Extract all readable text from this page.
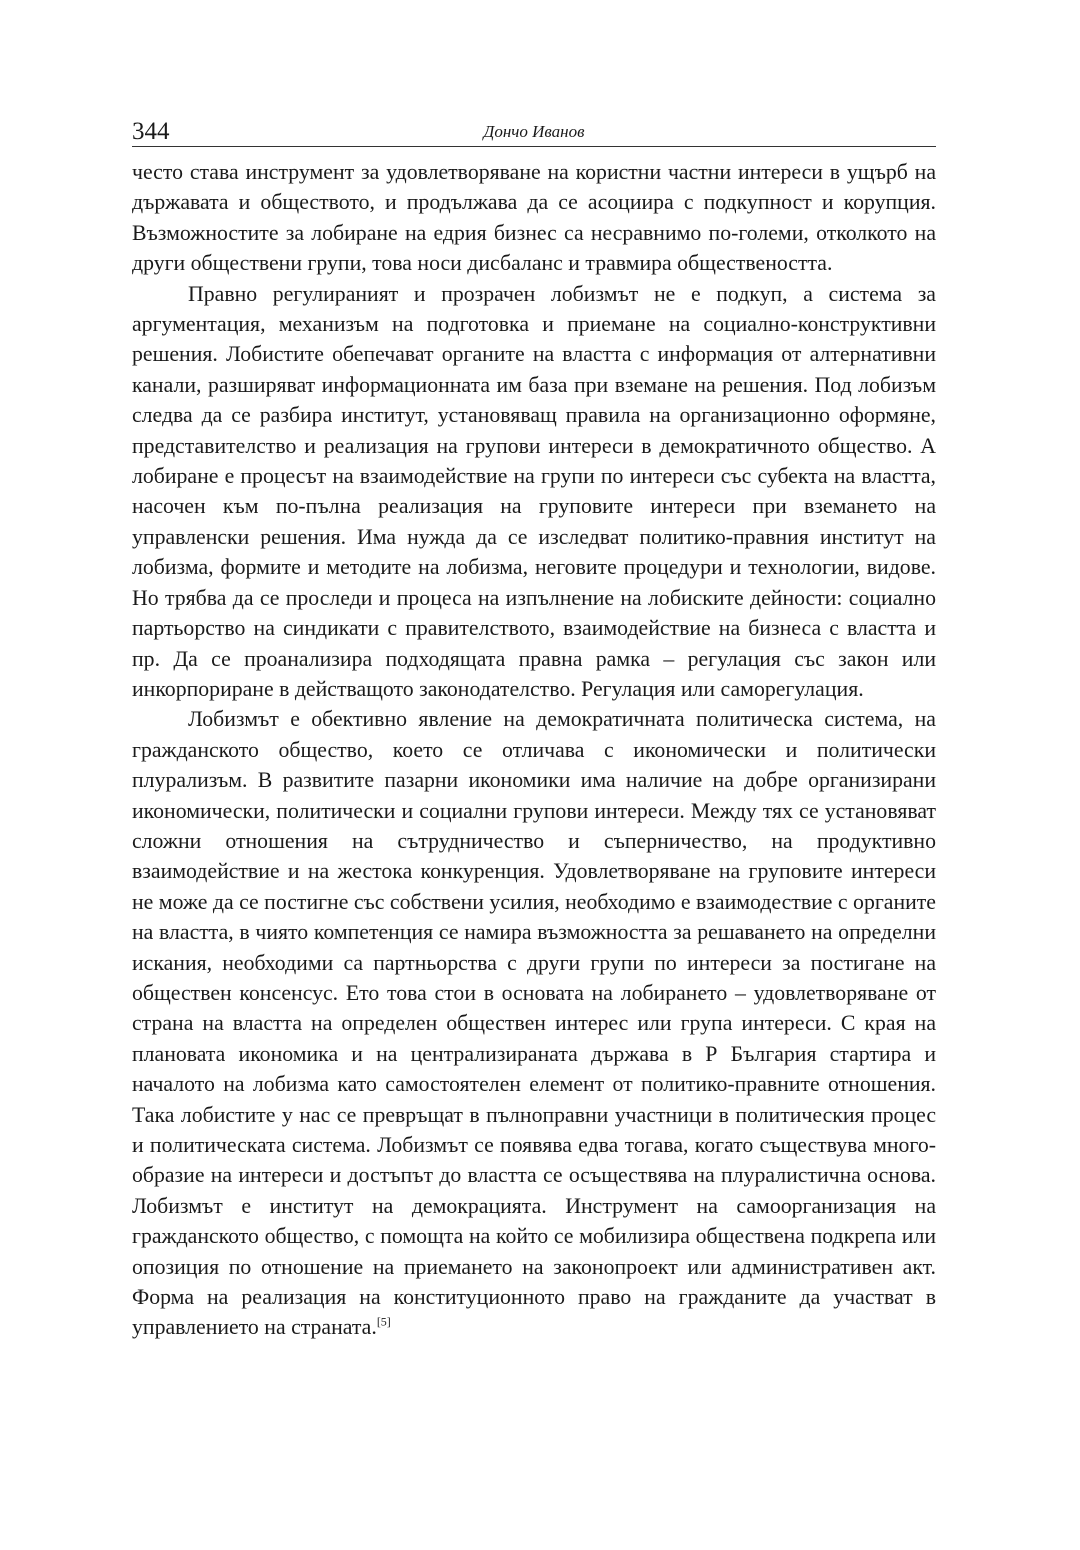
344	Дончо Иванов

често става инструмент за удовлетворяване на користни частни интереси в ущърб на държавата и обществото, и продължава да се асоциира с подкупност и корупция. Възможностите за лобиране на едрия бизнес са несравнимо по-големи, отколкото на други обществени групи, това носи дисбаланс и травмира обществеността.

Правно регулираният и прозрачен лобизмът не е подкуп, а система за аргументация, механизъм на подготовка и приемане на социално-конструктивни решения. Лобистите обепечават органите на властта с информация от алтернативни канали, разширяват информационната им база при вземане на решения. Под лобизъм следва да се разбира институт, установяващ правила на организационно оформяне, представителство и реализация на групови интереси в демократичното общество. А лобиране е процесът на взаимодействие на групи по интереси със субекта на властта, насочен към по-пълна реализация на груповите интереси при вземането на управленски решения. Има нужда да се изследват политико-правния институт на лобизма, формите и методите на лобизма, неговите процедури и технологии, видове. Но трябва да се проследи и процеса на изпълнение на лобиските дейности: социално партьорство на синдикати с правителството, взаимодействие на бизнеса с властта и пр. Да се проанализира подходящата правна рамка – регулация със закон или инкорпориране в действащото законодателство. Регулация или саморегулация.

Лобизмът е обективно явление на демократичната политическа система, на гражданското общество, което се отличава с икономически и политически плурализъм. В развитите пазарни икономики има наличие на добре организирани икономически, политически и социални групови интереси. Между тях се установяват сложни отношения на сътрудничество и съперничество, на продуктивно взаимодействие и на жестока конкуренция. Удовлетворяване на груповите интереси не може да се постигне със собствени усилия, необходимо е взаимодествие с органите на властта, в чиято компетенция се намира възможността за решаването на определни искания, необходими са партньорства с други групи по интереси за постигане на обществен консенсус. Ето това стои в основата на лобирането – удовлетворяване от страна на властта на определен обществен интерес или група интереси. С края на плановата икономика и на централизираната държава в Р България стартира и началото на лобизма като самостоятелен елемент от политико-правните отношения. Така лобистите у нас се превръщат в пълноправни участници в политическия процес и политическата система. Лобизмът се появява едва тогава, когато съществува многообразие на интереси и достъпът до властта се осъществява на плуралистична основа. Лобизмът е институт на демокрацията. Инструмент на самоорганизация на гражданското общество, с помощта на който се мобилизира обществена подкрепа или опозиция по отношение на приемането на законопроект или административен акт. Форма на реализация на конституционното право на гражданите да участват в управлението на страната.[5]
